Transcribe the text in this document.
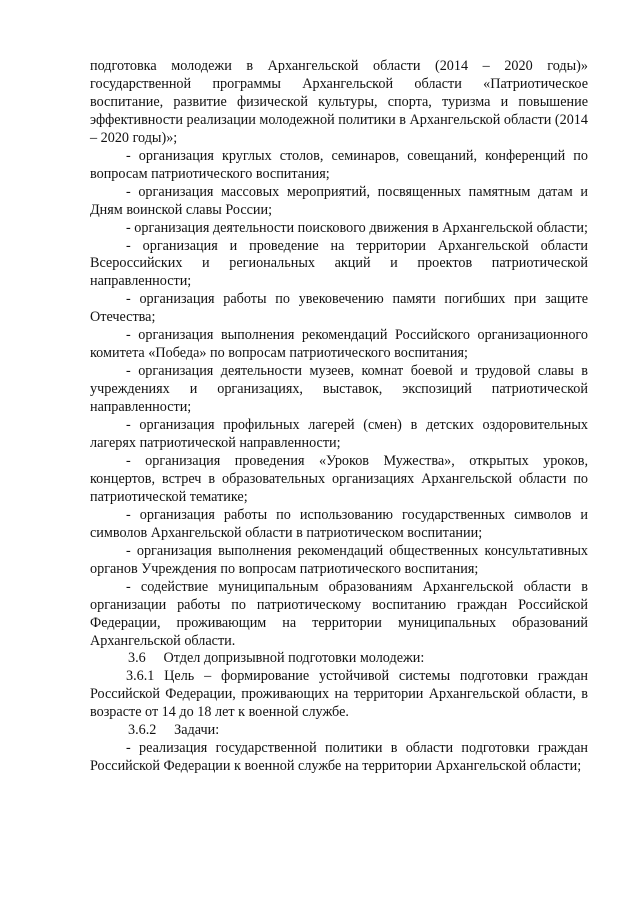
подготовка молодежи в Архангельской области (2014 – 2020 годы)» государственной программы Архангельской области «Патриотическое воспитание, развитие физической культуры, спорта, туризма и повышение эффективности реализации молодежной политики в Архангельской области (2014 – 2020 годы)»;

- организация круглых столов, семинаров, совещаний, конференций по вопросам патриотического воспитания;

- организация массовых мероприятий, посвященных памятным датам и Дням воинской славы России;

- организация деятельности поискового движения в Архангельской области;

- организация и проведение на территории Архангельской области Всероссийских и региональных акций и проектов патриотической направленности;

- организация работы по увековечению памяти погибших при защите Отечества;

- организация выполнения рекомендаций Российского организационного комитета «Победа» по вопросам патриотического воспитания;

- организация деятельности музеев, комнат боевой и трудовой славы в учреждениях и организациях, выставок, экспозиций патриотической направленности;

- организация профильных лагерей (смен) в детских оздоровительных лагерях патриотической направленности;

- организация проведения «Уроков Мужества», открытых уроков, концертов, встреч в образовательных организациях Архангельской области по патриотической тематике;

- организация работы по использованию государственных символов и символов Архангельской области в патриотическом воспитании;

- организация выполнения рекомендаций общественных консультативных органов Учреждения по вопросам патриотического воспитания;

- содействие муниципальным образованиям Архангельской области в организации работы по патриотическому воспитанию граждан Российской Федерации, проживающим на территории муниципальных образований Архангельской области.

3.6     Отдел допризывной подготовки молодежи:

3.6.1 Цель – формирование устойчивой системы подготовки граждан Российской Федерации, проживающих на территории Архангельской области, в возрасте от 14 до 18 лет к военной службе.

3.6.2     Задачи:

- реализация государственной политики в области подготовки граждан Российской Федерации к военной службе на территории Архангельской области;
